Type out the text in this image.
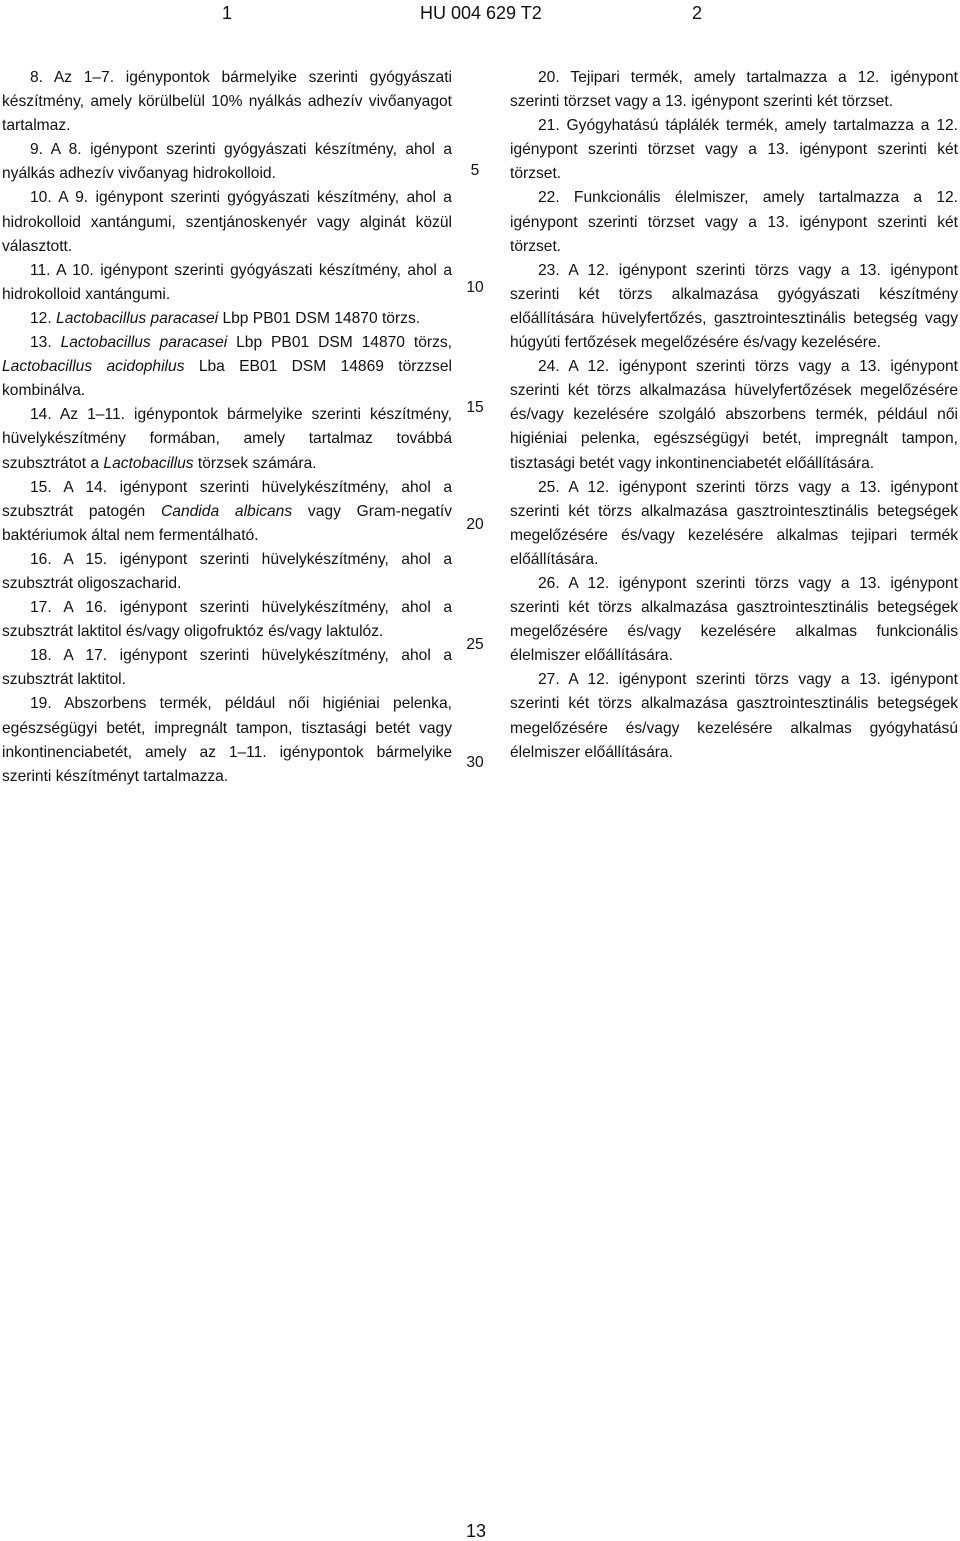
1	HU 004 629 T2	2

8. Az 1–7. igénypontok bármelyike szerinti gyógyászati készítmény, amely körülbelül 10% nyálkás adhezív vivőanyagot tartalmaz.

9. A 8. igénypont szerinti gyógyászati készítmény, ahol a nyálkás adhezív vivőanyag hidrokolloid.

10. A 9. igénypont szerinti gyógyászati készítmény, ahol a hidrokolloid xantángumi, szentjánoskenyér vagy alginát közül választott.

11. A 10. igénypont szerinti gyógyászati készítmény, ahol a hidrokolloid xantángumi.

12. Lactobacillus paracasei Lbp PB01 DSM 14870 törzs.

13. Lactobacillus paracasei Lbp PB01 DSM 14870 törzs, Lactobacillus acidophilus Lba EB01 DSM 14869 törzzsel kombinálva.

14. Az 1–11. igénypontok bármelyike szerinti készítmény, hüvelykészítmény formában, amely tartalmaz továbbá szubsztrátot a Lactobacillus törzsek számára.

15. A 14. igénypont szerinti hüvelykészítmény, ahol a szubsztrát patogén Candida albicans vagy Gram-negatív baktériumok által nem fermentálható.

16. A 15. igénypont szerinti hüvelykészítmény, ahol a szubsztrát oligoszacharid.

17. A 16. igénypont szerinti hüvelykészítmény, ahol a szubsztrát laktitol és/vagy oligofruktóz és/vagy laktulóz.

18. A 17. igénypont szerinti hüvelykészítmény, ahol a szubsztrát laktitol.

19. Abszorbens termék, például női higiéniai pelenka, egészségügyi betét, impregnált tampon, tisztasági betét vagy inkontinenciabetét, amely az 1–11. igénypontok bármelyike szerinti készítményt tartalmazza.

5
10
15
20
25
30

20. Tejipari termék, amely tartalmazza a 12. igénypont szerinti törzset vagy a 13. igénypont szerinti két törzset.

21. Gyógyhatású táplálék termék, amely tartalmazza a 12. igénypont szerinti törzset vagy a 13. igénypont szerinti két törzset.

22. Funkcionális élelmiszer, amely tartalmazza a 12. igénypont szerinti törzset vagy a 13. igénypont szerinti két törzset.

23. A 12. igénypont szerinti törzs vagy a 13. igénypont szerinti két törzs alkalmazása gyógyászati készítmény előállítására hüvelyfertőzés, gasztrointesztinális betegség vagy húgyúti fertőzések megelőzésére és/vagy kezelésére.

24. A 12. igénypont szerinti törzs vagy a 13. igénypont szerinti két törzs alkalmazása hüvelyfertőzések megelőzésére és/vagy kezelésére szolgáló abszorbens termék, például női higiéniai pelenka, egészségügyi betét, impregnált tampon, tisztasági betét vagy inkontinenciabetét előállítására.

25. A 12. igénypont szerinti törzs vagy a 13. igénypont szerinti két törzs alkalmazása gasztrointesztinális betegségek megelőzésére és/vagy kezelésére alkalmas tejipari termék előállítására.

26. A 12. igénypont szerinti törzs vagy a 13. igénypont szerinti két törzs alkalmazása gasztrointesztinális betegségek megelőzésére és/vagy kezelésére alkalmas funkcionális élelmiszer előállítására.

27. A 12. igénypont szerinti törzs vagy a 13. igénypont szerinti két törzs alkalmazása gasztrointesztinális betegségek megelőzésére és/vagy kezelésére alkalmas gyógyhatású élelmiszer előállítására.

13
